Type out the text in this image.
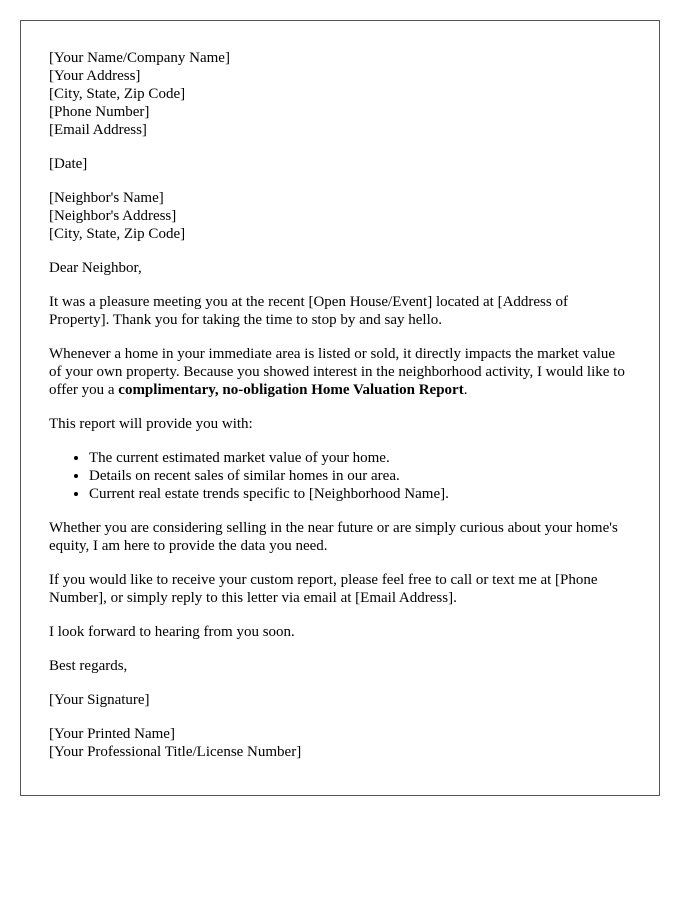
[Your Name/Company Name]
[Your Address]
[City, State, Zip Code]
[Phone Number]
[Email Address]
[Date]
[Neighbor's Name]
[Neighbor's Address]
[City, State, Zip Code]

Dear Neighbor,

It was a pleasure meeting you at the recent [Open House/Event] located at [Address of Property]. Thank you for taking the time to stop by and say hello.

Whenever a home in your immediate area is listed or sold, it directly impacts the market value of your own property. Because you showed interest in the neighborhood activity, I would like to offer you a complimentary, no-obligation Home Valuation Report.

This report will provide you with:

• The current estimated market value of your home.
• Details on recent sales of similar homes in our area.
• Current real estate trends specific to [Neighborhood Name].

Whether you are considering selling in the near future or are simply curious about your home's equity, I am here to provide the data you need.

If you would like to receive your custom report, please feel free to call or text me at [Phone Number], or simply reply to this letter via email at [Email Address].

I look forward to hearing from you soon.

Best regards,

[Your Signature]

[Your Printed Name]
[Your Professional Title/License Number]
